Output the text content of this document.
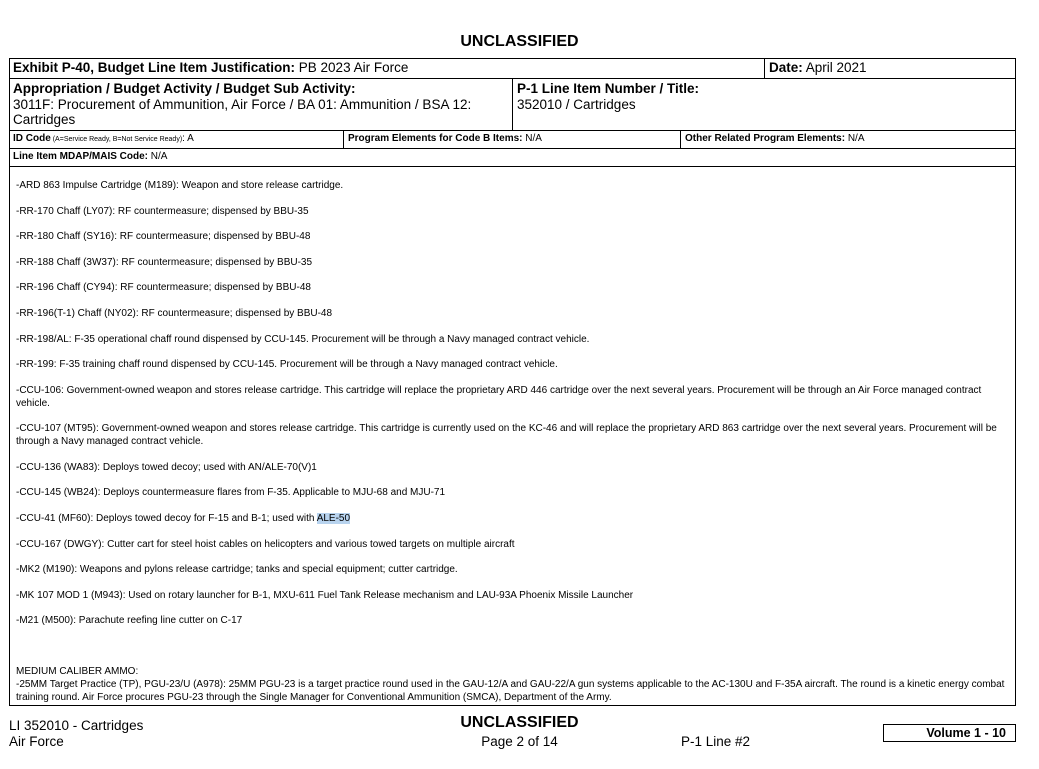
UNCLASSIFIED
Exhibit P-40, Budget Line Item Justification: PB 2023 Air Force	Date: April 2021
Appropriation / Budget Activity / Budget Sub Activity:
3011F: Procurement of Ammunition, Air Force / BA 01: Ammunition / BSA 12: Cartridges
P-1 Line Item Number / Title:
352010 / Cartridges
ID Code (A=Service Ready, B=Not Service Ready): A	Program Elements for Code B Items: N/A	Other Related Program Elements: N/A
Line Item MDAP/MAIS Code: N/A
-ARD 863 Impulse Cartridge (M189): Weapon and store release cartridge.
-RR-170 Chaff (LY07): RF countermeasure; dispensed by BBU-35
-RR-180 Chaff (SY16): RF countermeasure; dispensed by BBU-48
-RR-188 Chaff (3W37): RF countermeasure; dispensed by BBU-35
-RR-196 Chaff (CY94): RF countermeasure; dispensed by BBU-48
-RR-196(T-1) Chaff (NY02): RF countermeasure; dispensed by BBU-48
-RR-198/AL: F-35 operational chaff round dispensed by CCU-145. Procurement will be through a Navy managed contract vehicle.
-RR-199: F-35 training chaff round dispensed by CCU-145. Procurement will be through a Navy managed contract vehicle.
-CCU-106: Government-owned weapon and stores release cartridge. This cartridge will replace the proprietary ARD 446 cartridge over the next several years. Procurement will be through an Air Force managed contract vehicle.
-CCU-107 (MT95): Government-owned weapon and stores release cartridge. This cartridge is currently used on the KC-46 and will replace the proprietary ARD 863 cartridge over the next several years. Procurement will be through a Navy managed contract vehicle.
-CCU-136 (WA83): Deploys towed decoy; used with AN/ALE-70(V)1
-CCU-145 (WB24): Deploys countermeasure flares from F-35. Applicable to MJU-68 and MJU-71
-CCU-41 (MF60): Deploys towed decoy for F-15 and B-1; used with ALE-50
-CCU-167 (DWGY): Cutter cart for steel hoist cables on helicopters and various towed targets on multiple aircraft
-MK2 (M190): Weapons and pylons release cartridge; tanks and special equipment; cutter cartridge.
-MK 107 MOD 1 (M943): Used on rotary launcher for B-1, MXU-611 Fuel Tank Release mechanism and LAU-93A Phoenix Missile Launcher
-M21 (M500): Parachute reefing line cutter on C-17
MEDIUM CALIBER AMMO:
-25MM Target Practice (TP), PGU-23/U (A978): 25MM PGU-23 is a target practice round used in the GAU-12/A and GAU-22/A gun systems applicable to the AC-130U and F-35A aircraft. The round is a kinetic energy combat training round. Air Force procures PGU-23 through the Single Manager for Conventional Ammunition (SMCA), Department of the Army.
LI 352010 - Cartridges
Air Force
UNCLASSIFIED
Page 2 of 14	P-1 Line #2
Volume 1 - 10
